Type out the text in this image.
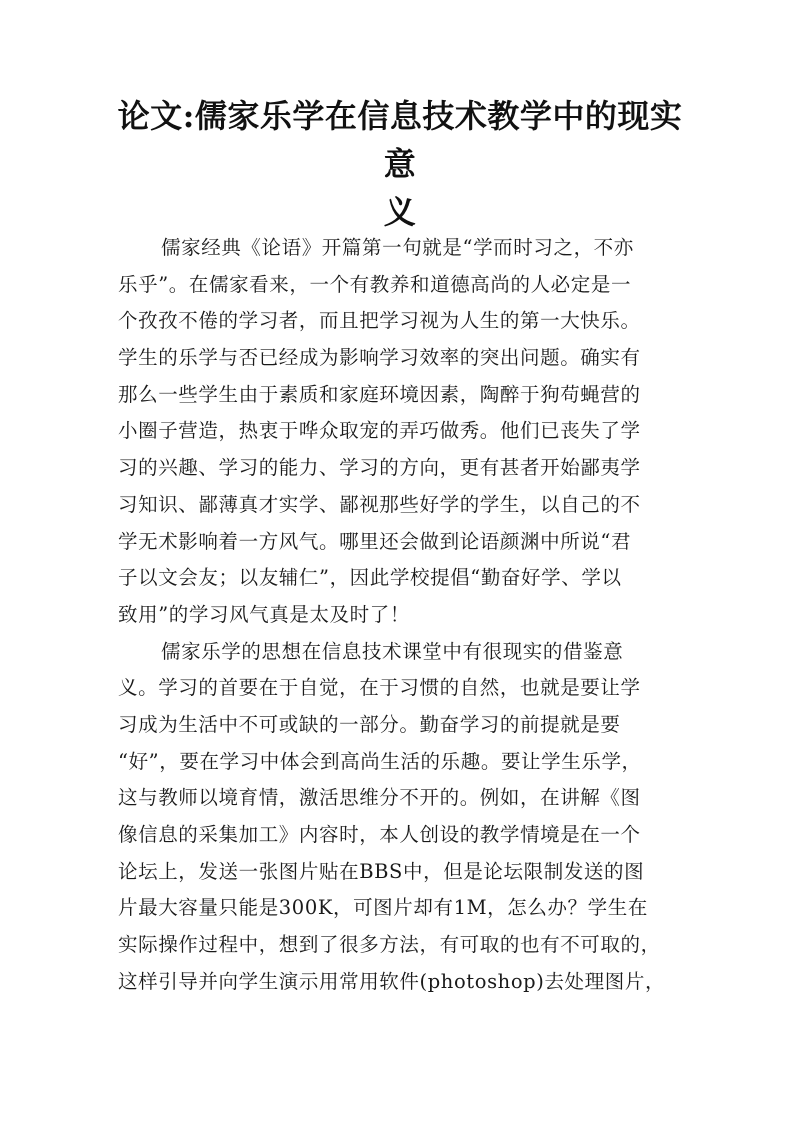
论文:儒家乐学在信息技术教学中的现实意
义
儒家经典《论语》开篇第一句就是“学而时习之，不亦
乐乎”。在儒家看来，一个有教养和道德高尚的人必定是一
个孜孜不倦的学习者，而且把学习视为人生的第一大快乐。
学生的乐学与否已经成为影响学习效率的突出问题。确实有
那么一些学生由于素质和家庭环境因素，陶醉于狗苟蝇营的
小圈子营造，热衷于哗众取宠的弄巧做秀。他们已丧失了学
习的兴趣、学习的能力、学习的方向，更有甚者开始鄙夷学
习知识、鄙薄真才实学、鄙视那些好学的学生，以自己的不
学无术影响着一方风气。哪里还会做到论语颜渊中所说“君
子以文会友；以友辅仁”，因此学校提倡“勤奋好学、学以
致用”的学习风气真是太及时了！
儒家乐学的思想在信息技术课堂中有很现实的借鉴意
义。学习的首要在于自觉，在于习惯的自然，也就是要让学
习成为生活中不可或缺的一部分。勤奋学习的前提就是要
“好”，要在学习中体会到高尚生活的乐趣。要让学生乐学，
这与教师以境育情，激活思维分不开的。例如，在讲解《图
像信息的采集加工》内容时，本人创设的教学情境是在一个
论坛上，发送一张图片贴在BBS中，但是论坛限制发送的图
片最大容量只能是300K，可图片却有1M，怎么办？学生在
实际操作过程中，想到了很多方法，有可取的也有不可取的，
这样引导并向学生演示用常用软件(photoshop)去处理图片，
